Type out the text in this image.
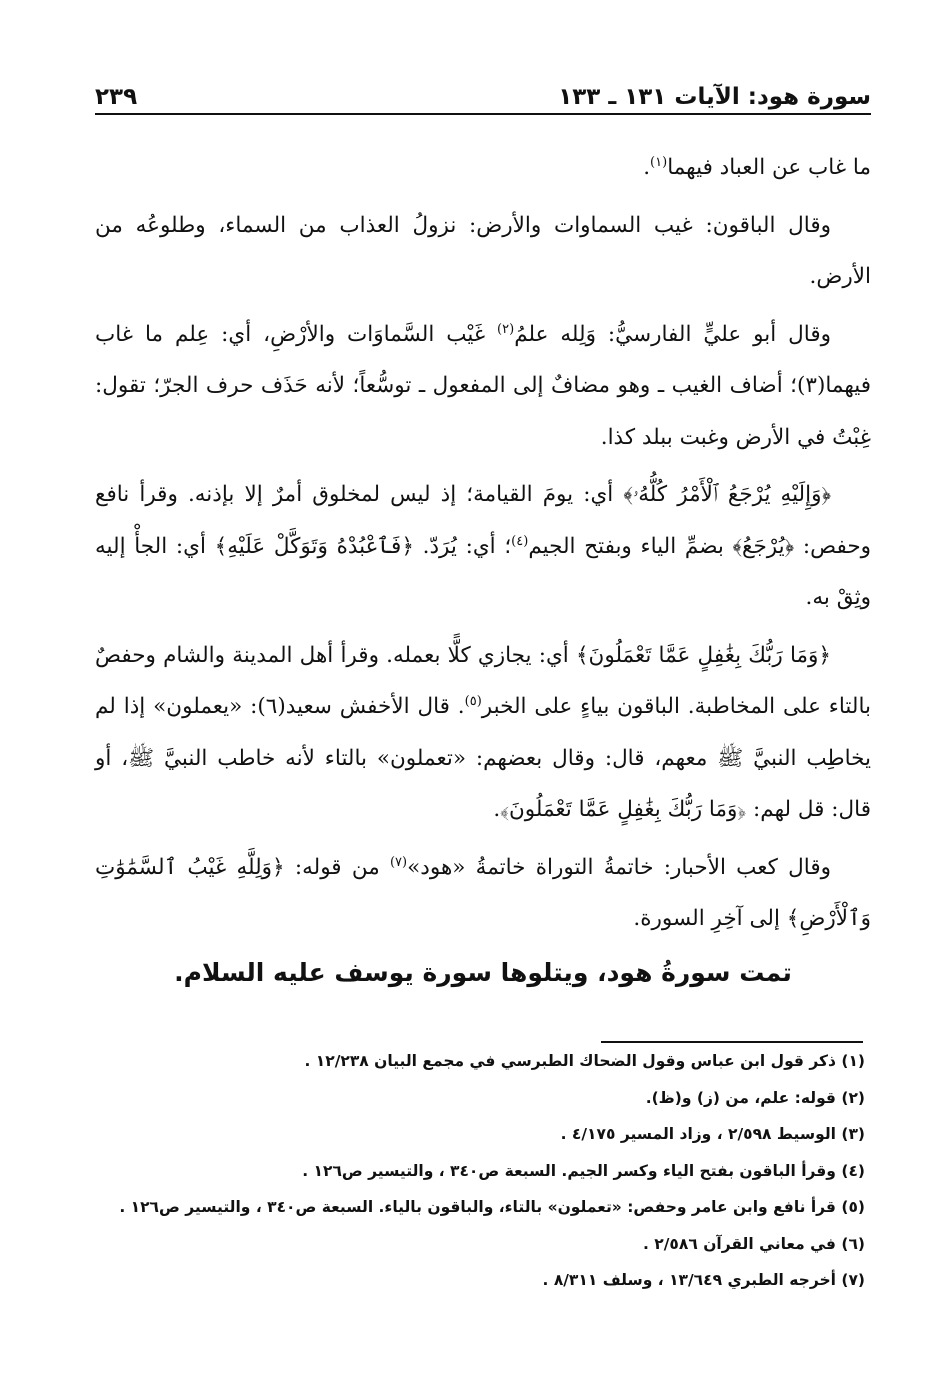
سورة هود: الآيات ١٣١ ـ ١٣٣
٢٣٩

ما غاب عن العباد فيهما$^{(١)}$.

وقال الباقون: غيب السماوات والأرض: نزولُ العذاب من السماء، وطلوعُه من الأرض.

وقال أبو عليٍّ الفارسيُّ: وَلِله علمُ$^{(٢)}$ غَيْب السَّماوَات والأرْضِ، أي: عِلم ما غاب فيهما(٣)؛ أضاف الغيب ـ وهو مضافٌ إلى المفعول ـ توسُّعاً؛ لأنه حَذَف حرف الجرّ؛ تقول: غِبْتُ في الأرض وغبت ببلد كذا.

﴿وَإِلَيْهِ يُرْجَعُ ٱلْأَمْرُ كُلُّهُۥ﴾ أي: يومَ القيامة؛ إذ ليس لمخلوق أمرٌ إلا بإذنه. وقرأ نافع وحفص: ﴿يُرْجَعُ﴾ بضمِّ الياء وبفتح الجيم$^{(٤)}$؛ أي: يُرَدّ. ﴿فَٱعْبُدْهُ وَتَوَكَّلْ عَلَيْهِ﴾ أي: الجأْ إليه وثِقْ به.

﴿وَمَا رَبُّكَ بِغَٰفِلٍ عَمَّا تَعْمَلُونَ﴾ أي: يجازي كلًّا بعمله. وقرأ أهل المدينة والشام وحفصٌ بالتاء على المخاطبة. الباقون بياءٍ على الخبر$^{(٥)}$. قال الأخفش سعيد(٦): «يعملون» إذا لم يخاطِب النبيَّ ﷺ معهم، قال: وقال بعضهم: «تعملون» بالتاء لأنه خاطب النبيَّ ﷺ، أو قال: قل لهم: ﴿وَمَا رَبُّكَ بِغَٰفِلٍ عَمَّا تَعْمَلُونَ﴾.

وقال كعب الأحبار: خاتمةُ التوراة خاتمةُ «هود»$^{(٧)}$ من قوله: ﴿وَلِلَّهِ غَيْبُ ٱلسَّمَٰوَٰتِ وَٱلْأَرْضِ﴾ إلى آخِرِ السورة.

تمت سورةُ هود، ويتلوها سورة يوسف عليه السلام.
(١) ذكر قول ابن عباس وقول الضحاك الطبرسي في مجمع البيان ١٢/٢٣٨ .
(٢) قوله: علم، من (ز) و(ظ).
(٣) الوسيط ٢/٥٩٨ ، وزاد المسير ٤/١٧٥ .
(٤) وقرأ الباقون بفتح الياء وكسر الجيم. السبعة ص٣٤٠ ، والتيسير ص١٢٦ .
(٥) قرأ نافع وابن عامر وحفص: «تعملون» بالتاء، والباقون بالياء. السبعة ص٣٤٠ ، والتيسير ص١٢٦ .
(٦) في معاني القرآن ٢/٥٨٦ .
(٧) أخرجه الطبري ١٣/٦٤٩ ، وسلف ٨/٣١١ .
